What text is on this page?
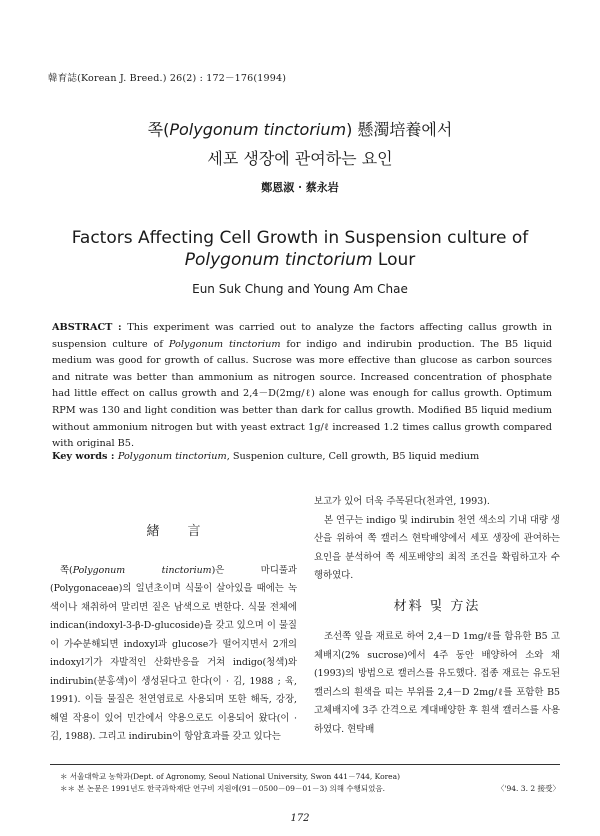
韓育誌(Korean J. Breed.) 26(2) : 172－176(1994)
쪽(Polygonum tinctorium) 懸濁培養에서
세포 생장에 관여하는 요인
鄭恩淑 · 蔡永岩
Factors Affecting Cell Growth in Suspension culture of
Polygonum tinctorium Lour
Eun Suk Chung and Young Am Chae
ABSTRACT : This experiment was carried out to analyze the factors affecting callus growth in suspension culture of Polygonum tinctorium for indigo and indirubin production. The B5 liquid medium was good for growth of callus. Sucrose was more effective than glucose as carbon sources and nitrate was better than ammonium as nitrogen source. Increased concentration of phosphate had little effect on callus growth and 2,4－D(2mg/ℓ) alone was enough for callus growth. Optimum RPM was 130 and light condition was better than dark for callus growth. Modified B5 liquid medium without ammonium nitrogen but with yeast extract 1g/ℓ increased 1.2 times callus growth compared with original B5.
Key words : Polygonum tinctorium, Suspenion culture, Cell growth, B5 liquid medium
緖言

쪽(Polygonum tinctorium)은 마디풀과(Polygonaceae)의 일년초이며 식물이 살아있을 때에는 녹색이나 채취하여 말리면 짙은 남색으로 변한다. 식물 전체에 indican(indoxyl-3-β-D-glucoside)을 갖고 있으며 이 물질이 가수분해되면 indoxyl과 glucose가 떨어지면서 2개의 indoxyl기가 자발적인 산화반응을 거쳐 indigo(청색)와 indirubin(분홍색)이 생성된다고 한다(이 · 김, 1988 ; 육, 1991). 이들 물질은 천연염료로 사용되며 또한 해독, 강장, 해열 작용이 있어 민간에서 약용으로도 이용되어 왔다(이 · 김, 1988). 그리고 indirubin이 항암효과를 갖고 있다는

보고가 있어 더욱 주목된다(천과연, 1993).

본 연구는 indigo 및 indirubin 천연 색소의 기내 대량 생산을 위하여 쪽 캘러스 현탁배양에서 세포 생장에 관여하는 요인을 분석하여 쪽 세포배양의 최적 조건을 확립하고자 수행하였다.

材料 및 方法

조선쪽 잎을 재료로 하여 2,4－D 1mg/ℓ를 함유한 B5 고체배지(2% sucrose)에서 4주 동안 배양하여 소와 채(1993)의 방법으로 캘러스를 유도했다. 접종 재료는 유도된 캘러스의 흰색을 띠는 부위를 2,4－D 2mg/ℓ를 포함한 B5 고체배지에 3주 간격으로 계대배양한 후 흰색 캘러스를 사용하였다. 현탁배

＊ 서울대학교 농학과(Dept. of Agronomy, Seoul National University, Swon 441－744, Korea)
＊＊ 본 논문은 1991년도 한국과학재단 연구비 지원에(91－0500－09－01－3) 의해 수행되었음.	〈'94. 3. 2 接受〉
172
